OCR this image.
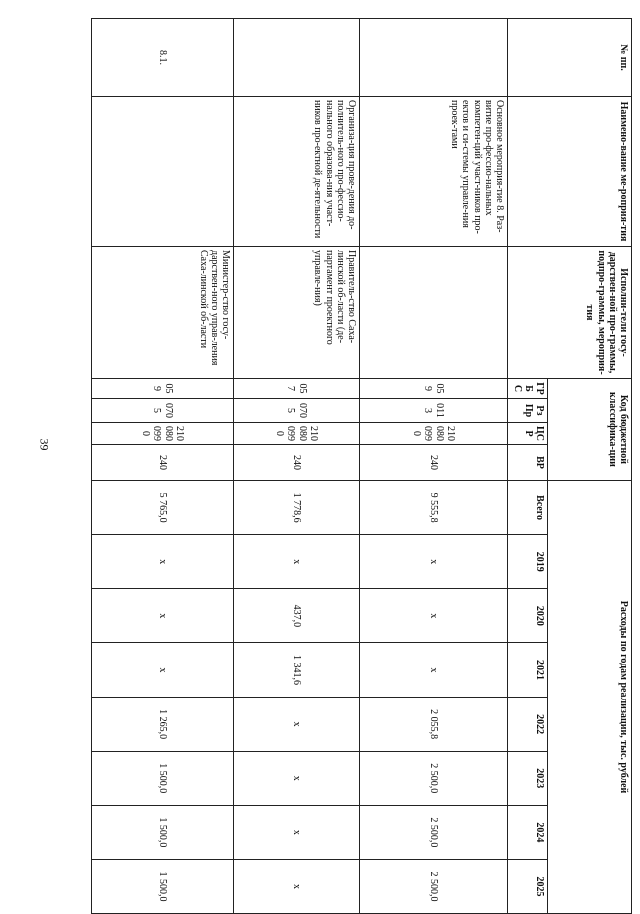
39
№ пп.	Наимено-вание ме-роприя-тия	Исполни-тели госу-дарствен-ной про-граммы, подпро-граммы, мероприя-тия	Код бюджетной классифика-ции				Расходы по годам реализации, тыс. рублей							
			ГРБ С	Рз Пр	ЦСР	ВР	Всего	2019	2020	2021	2022	2023	2024	2025
	Основное мероприя-тие 8. Раз-витие про-фессио-нальных компетен-ций участ-ников про-ектов и си-стемы управле-ния проек-тами		059	0113	210080 0990	240	9 555,8	x	x	x	2 055,8	2 500,0	2 500,0	2 500,0
	Организа-ция прове-дения до-полнитель-ного про-фессио-нального образова-ния участ-ников про-ектной де-ятельности	Правитель-ство Саха-линской об-ласти (де-партамент проектного управле-ния)	057	0705	210080 0990	240	1 778,6	x	437,0	1 341,6	x	x	x	x
8.1.		Министер-ство госу-дарствен-ного управ-ления Саха-линской об-ласти	059	0705	210080 0990	240	5 765,0	x	x	x	1 265,0	1 500,0	1 500,0	1 500,0
